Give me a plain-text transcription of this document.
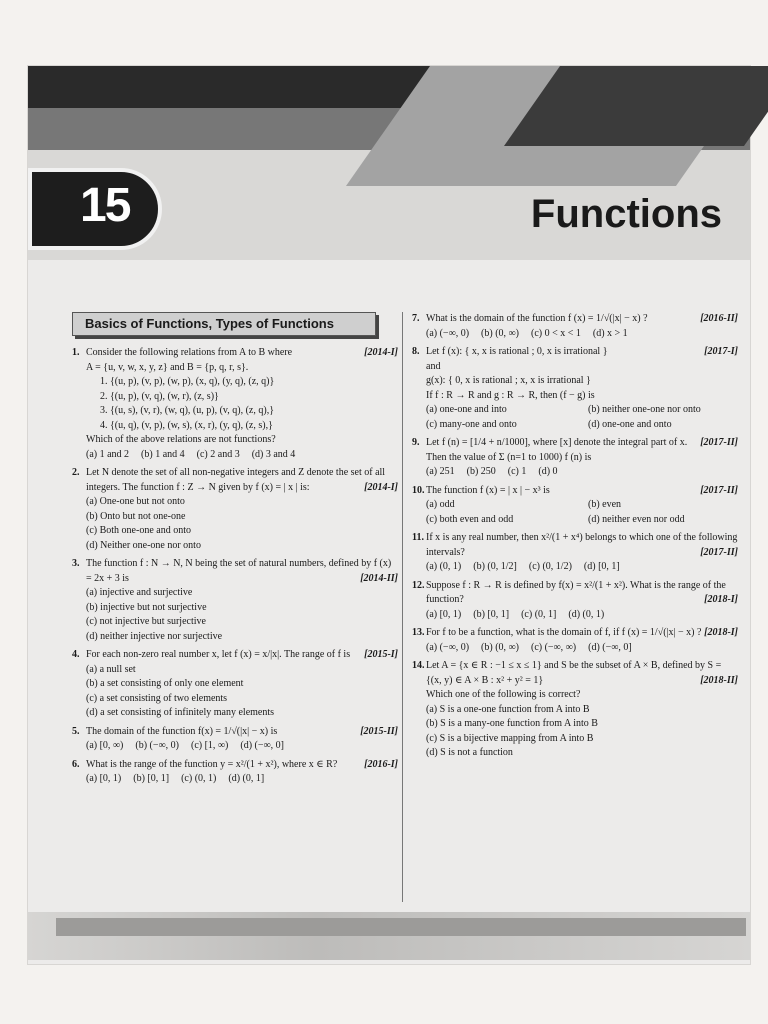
15	Functions
Basics of Functions, Types of Functions
1. Consider the following relations from A to B where	[2014-I]
A = {u, v, w, x, y, z} and B = {p, q, r, s}.
1. {(u, p), (v, p), (w, p), (x, q), (y, q), (z, q)}
2. {(u, p), (v, q), (w, r), (z, s)}
3. {(u, s), (v, r), (w, q), (u, p), (v, q), (z, q),}
4. {(u, q), (v, p), (w, s), (x, r), (y, q), (z, s),}
Which of the above relations are not functions?
(a) 1 and 2 (b) 1 and 4 (c) 2 and 3 (d) 3 and 4
2. Let N denote the set of all non-negative integers and Z denote the set of all integers. The function f : Z → N given by f (x) = | x | is:	[2014-I]
(a) One-one but not onto
(b) Onto but not one-one
(c) Both one-one and onto
(d) Neither one-one nor onto
3. The function f : N → N, N being the set of natural numbers, defined by f (x) = 2x + 3 is	[2014-II]
(a) injective and surjective
(b) injective but not surjective
(c) not injective but surjective
(d) neither injective nor surjective
4. For each non-zero real number x, let f (x) = x/|x|. The range of f is [2015-I]
(a) a null set
(b) a set consisting of only one element
(c) a set consisting of two elements
(d) a set consisting of infinitely many elements
5. The domain of the function f(x) = 1/√(|x| − x) is	[2015-II]
(a) [0, ∞) (b) (−∞, 0) (c) [1, ∞) (d) (−∞, 0]
6. What is the range of the function y = x²/(1 + x²), where x ∈ R?	[2016-I]
(a) [0, 1) (b) [0, 1] (c) (0, 1) (d) (0, 1]
7. What is the domain of the function f (x) = 1/√(|x| − x) ?	[2016-II]
(a) (−∞, 0) (b) (0, ∞) (c) 0 < x < 1 (d) x > 1
8. Let f (x): { x, x is rational ; 0, x is irrational }	[2017-I]
and
g(x): { 0, x is rational ; x, x is irrational }
If f : R → R and g : R → R, then (f − g) is
(a) one-one and into	(b) neither one-one nor onto
(c) many-one and onto	(d) one-one and onto
9. Let f (n) = [1/4 + n/1000], where [x] denote the integral part of x. [2017-II]
Then the value of Σ (n=1 to 1000) f (n) is
(a) 251 (b) 250 (c) 1 (d) 0
10. The function f (x) = | x | − x³ is	[2017-II]
(a) odd	(b) even
(c) both even and odd	(d) neither even nor odd
11. If x is any real number, then x²/(1 + x⁴) belongs to which one of the following intervals?	[2017-II]
(a) (0, 1) (b) (0, 1/2] (c) (0, 1/2) (d) [0, 1]
12. Suppose f : R → R is defined by f(x) = x²/(1 + x²). What is the range of the function?	[2018-I]
(a) [0, 1) (b) [0, 1] (c) (0, 1] (d) (0, 1)
13. For f to be a function, what is the domain of f, if f (x) = 1/√(|x| − x) ? [2018-I]
(a) (−∞, 0) (b) (0, ∞) (c) (−∞, ∞) (d) (−∞, 0]
14. Let A = {x ∈ R : −1 ≤ x ≤ 1} and S be the subset of A × B, defined by S = {(x, y) ∈ A × B : x² + y² = 1}	[2018-II]
Which one of the following is correct?
(a) S is a one-one function from A into B
(b) S is a many-one function from A into B
(c) S is a bijective mapping from A into B
(d) S is not a function
